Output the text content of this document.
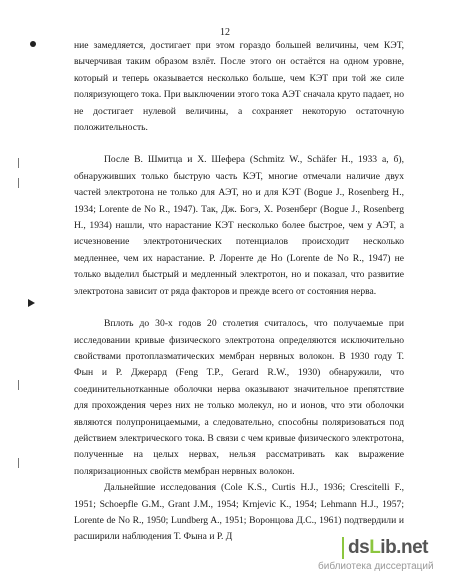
12

ние замедляется, достигает при этом гораздо большей величины, чем КЭТ, вычерчивая таким образом взлёт. После этого он остаётся на одном уровне, который и теперь оказывается несколько больше, чем КЭТ при той же силе поляризующего тока. При выключении этого тока АЭТ сначала круто падает, но не достигает нулевой величины, а сохраняет некоторую остаточную положительность.

После В. Шмитца и Х. Шефера (Schmitz W., Schäfer H., 1933 а, б), обнаруживших только быструю часть КЭТ, многие отмечали наличие двух частей электротона не только для АЭТ, но и для КЭТ (Bogue J., Rosenberg H., 1934; Lorente de No R., 1947). Так, Дж. Богэ, Х. Розенберг (Bogue J., Rosenberg H., 1934) нашли, что нарастание КЭТ несколько более быстрое, чем у АЭТ, а исчезновение электротонических потенциалов происходит несколько медленнее, чем их нарастание. Р. Лоренте де Но (Lorente de No R., 1947) не только выделил быстрый и медленный электротон, но и показал, что развитие электротона зависит от ряда факторов и прежде всего от состояния нерва.

Вплоть до 30-х годов 20 столетия считалось, что получаемые при исследовании кривые физического электротона определяются исключительно свойствами протоплазматических мембран нервных волокон. В 1930 году Т. Фын и Р. Джерард (Feng T.P., Gerard R.W., 1930) обнаружили, что соединительнотканные оболочки нерва оказывают значительное препятствие для прохождения через них не только молекул, но и ионов, что эти оболочки являются полупроницаемыми, а следовательно, способны поляризоваться под действием электрического тока. В связи с чем кривые физического электротона, полученные на целых нервах, нельзя рассматривать как выражение поляризационных свойств мембран нервных волокон.

Дальнейшие исследования (Cole K.S., Curtis H.J., 1936; Crescitelli F., 1951; Schoepfle G.M., Grant J.M., 1954; Krnjevic K., 1954; Lehmann H.J., 1957; Lorente de No R., 1950; Lundberg A., 1951; Воронцова Д.С., 1961) подтвердили и расширили наблюдения Т. Фына и Р. Д

dsLib.net
библиотека диссертаций
